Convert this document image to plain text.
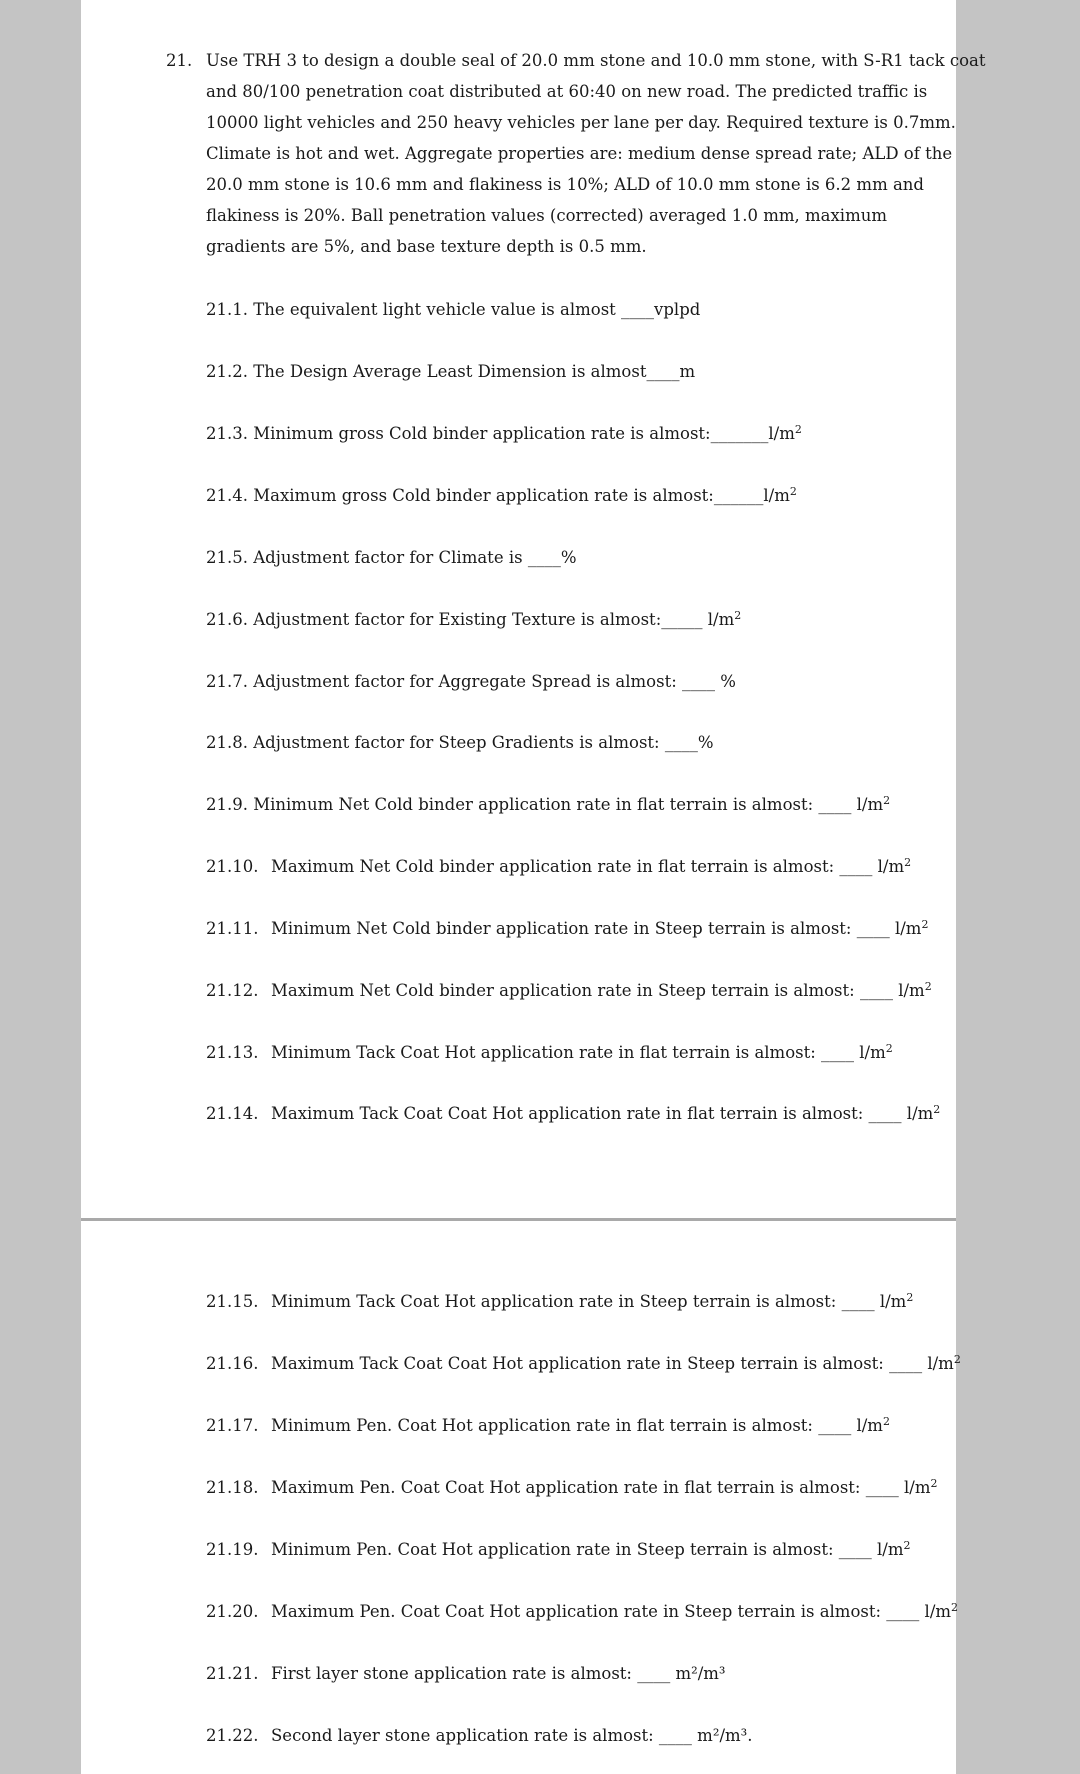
21. Use TRH 3 to design a double seal of 20.0 mm stone and 10.0 mm stone, with S-R1 tack coat

and 80/100 penetration coat distributed at 60:40 on new road. The predicted traffic is

10000 light vehicles and 250 heavy vehicles per lane per day. Required texture is 0.7mm.

Climate is hot and wet. Aggregate properties are: medium dense spread rate; ALD of the

20.0 mm stone is 10.6 mm and flakiness is 10%; ALD of 10.0 mm stone is 6.2 mm and

flakiness is 20%. Ball penetration values (corrected) averaged 1.0 mm, maximum

gradients are 5%, and base texture depth is 0.5 mm.

21.1. The equivalent light vehicle value is almost ____vplpd
21.2. The Design Average Least Dimension is almost____m
21.3. Minimum gross Cold binder application rate is $almost:\_\_\_\_\_\_\_l/m^2$
21.4. Maximum gross Cold binder application rate is $almost:\_\_\_\_\_\_l/m^2$
21.5. Adjustment factor for Climate is ____%
21.6. Adjustment factor for Existing Texture is almost:_____ $l/m^2$
21.7. Adjustment factor for Aggregate Spread is almost: ____ %
21.8. Adjustment factor for Steep Gradients is almost: ____%
21.9. Minimum Net Cold binder application rate in flat terrain is almost: ____ $l/m^2$
21.10. Maximum Net Cold binder application rate in flat terrain is almost: ____ $l/m^2$
21.11. Minimum Net Cold binder application rate in Steep terrain is almost: ____ $l/m^2$
21.12. Maximum Net Cold binder application rate in Steep terrain is almost: ____ $l/m^2$
21.13. Minimum Tack Coat Hot application rate in flat terrain is almost: ____ $l/m^2$
21.14. Maximum Tack Coat Coat Hot application rate in flat terrain is almost: ____ $l/m^2$
21.15. Minimum Tack Coat Hot application rate in Steep terrain is almost: ____ $l/m^2$
21.16. Maximum Tack Coat Coat Hot application rate in Steep terrain is almost: ____ $l/m^2$
21.17. Minimum Pen. Coat Hot application rate in flat terrain is almost: ____ $l/m^2$
21.18. Maximum Pen. Coat Coat Hot application rate in flat terrain is almost: ____ $l/m^2$
21.19. Minimum Pen. Coat Hot application rate in Steep terrain is almost: ____ $l/m^2$
21.20. Maximum Pen. Coat Coat Hot application rate in Steep terrain is almost: ____ $l/m^2$
21.21. First layer stone application rate is almost: ____ m²/m³
21.22. Second layer stone application rate is almost: ____ m²/m³.
